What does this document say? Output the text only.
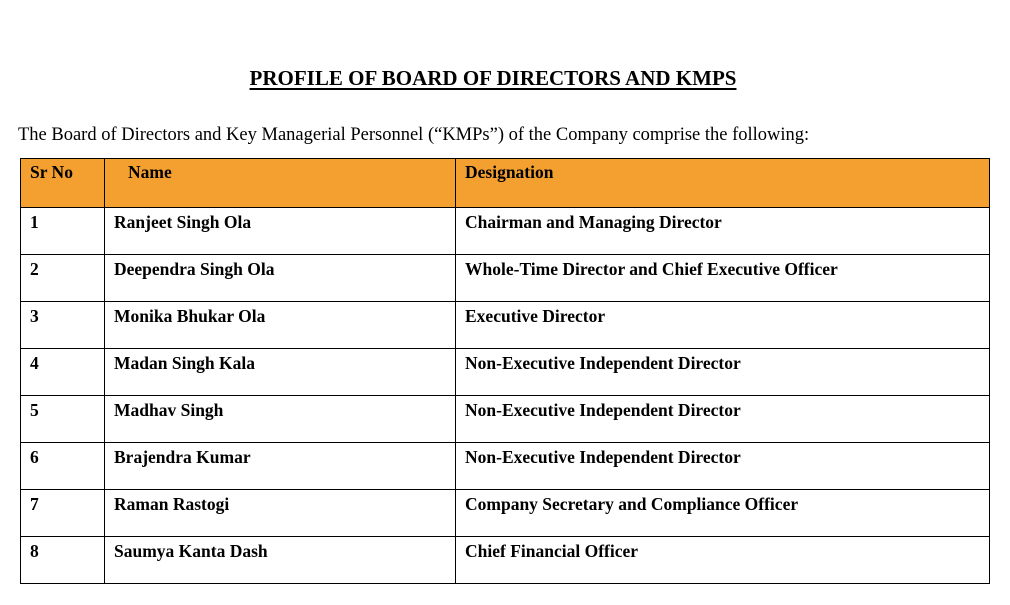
PROFILE OF BOARD OF DIRECTORS AND KMPS

The Board of Directors and Key Managerial Personnel (“KMPs”) of the Company comprise the following:

Sr No	Name	Designation
1	Ranjeet Singh Ola	Chairman and Managing Director
2	Deependra Singh Ola	Whole-Time Director and Chief Executive Officer
3	Monika Bhukar Ola	Executive Director
4	Madan Singh Kala	Non-Executive Independent Director
5	Madhav Singh	Non-Executive Independent Director
6	Brajendra Kumar	Non-Executive Independent Director
7	Raman Rastogi	Company Secretary and Compliance Officer
8	Saumya Kanta Dash	Chief Financial Officer
